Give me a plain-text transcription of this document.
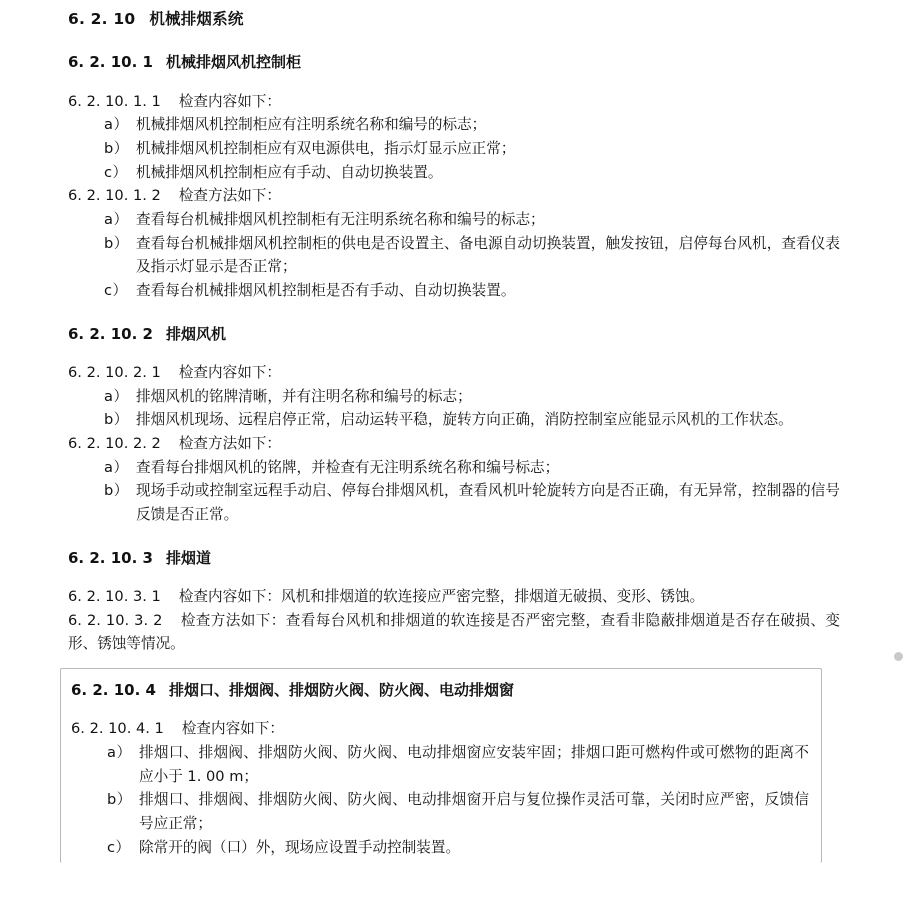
6. 2. 10 机械排烟系统
6. 2. 10. 1 机械排烟风机控制柜
6. 2. 10. 1. 1 检查内容如下：
a） 机械排烟风机控制柜应有注明系统名称和编号的标志；
b） 机械排烟风机控制柜应有双电源供电，指示灯显示应正常；
c） 机械排烟风机控制柜应有手动、自动切换装置。
6. 2. 10. 1. 2 检查方法如下：
a） 查看每台机械排烟风机控制柜有无注明系统名称和编号的标志；
b） 查看每台机械排烟风机控制柜的供电是否设置主、备电源自动切换装置，触发按钮，启停每台风机，查看仪表及指示灯显示是否正常；
c） 查看每台机械排烟风机控制柜是否有手动、自动切换装置。
6. 2. 10. 2 排烟风机
6. 2. 10. 2. 1 检查内容如下：
a） 排烟风机的铭牌清晰，并有注明名称和编号的标志；
b） 排烟风机现场、远程启停正常，启动运转平稳，旋转方向正确，消防控制室应能显示风机的工作状态。
6. 2. 10. 2. 2 检查方法如下：
a） 查看每台排烟风机的铭牌，并检查有无注明系统名称和编号标志；
b） 现场手动或控制室远程手动启、停每台排烟风机，查看风机叶轮旋转方向是否正确，有无异常，控制器的信号反馈是否正常。
6. 2. 10. 3 排烟道
6. 2. 10. 3. 1 检查内容如下：风机和排烟道的软连接应严密完整，排烟道无破损、变形、锈蚀。
6. 2. 10. 3. 2 检查方法如下：查看每台风机和排烟道的软连接是否严密完整，查看非隐蔽排烟道是否存在破损、变形、锈蚀等情况。
6. 2. 10. 4 排烟口、排烟阀、排烟防火阀、防火阀、电动排烟窗
6. 2. 10. 4. 1 检查内容如下：
a） 排烟口、排烟阀、排烟防火阀、防火阀、电动排烟窗应安装牢固；排烟口距可燃构件或可燃物的距离不应小于 1. 00 m；
b） 排烟口、排烟阀、排烟防火阀、防火阀、电动排烟窗开启与复位操作灵活可靠，关闭时应严密，反馈信号应正常；
c） 除常开的阀（口）外，现场应设置手动控制装置。
